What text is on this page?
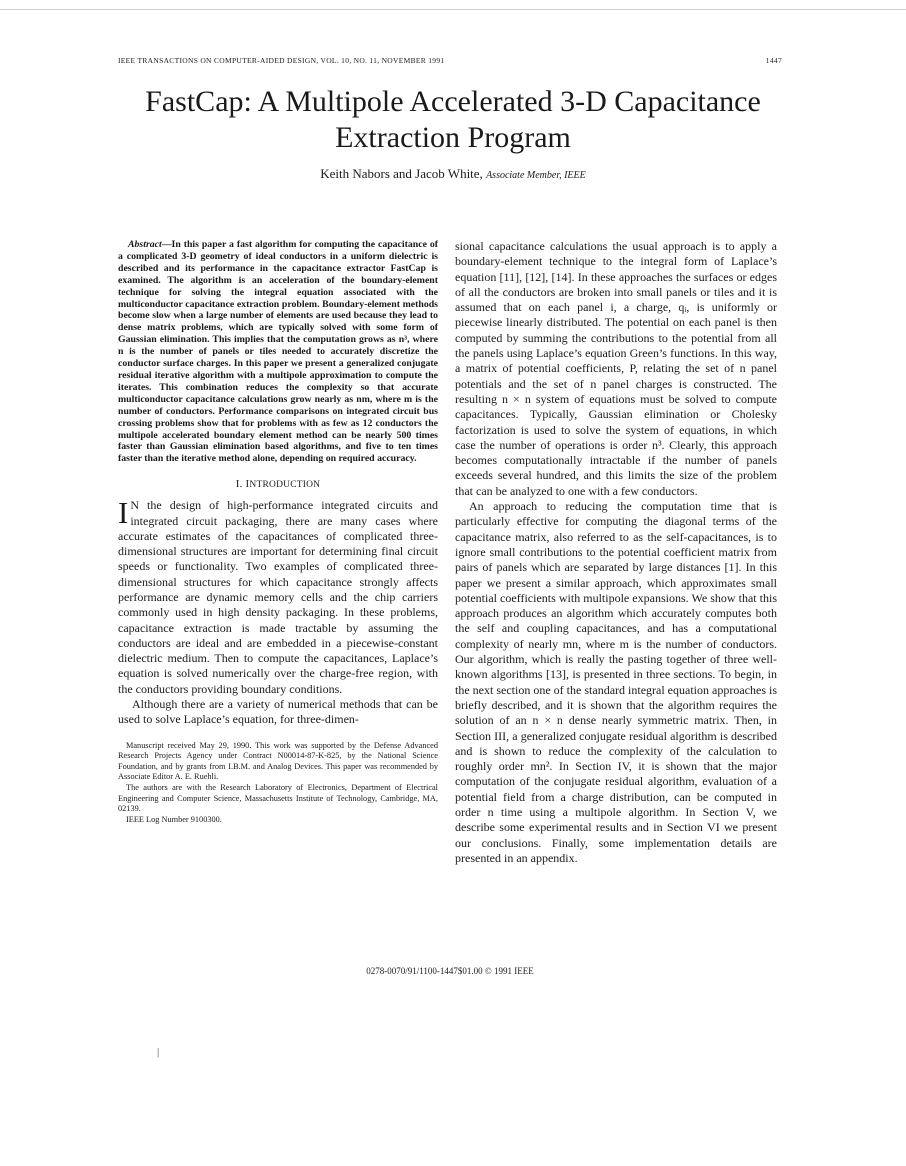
IEEE TRANSACTIONS ON COMPUTER-AIDED DESIGN, VOL. 10, NO. 11, NOVEMBER 1991	1447
FastCap: A Multipole Accelerated 3-D Capacitance
Extraction Program
Keith Nabors and Jacob White, Associate Member, IEEE

Abstract—In this paper a fast algorithm for computing the capacitance of a complicated 3-D geometry of ideal conductors in a uniform dielectric is described and its performance in the capacitance extractor FastCap is examined. The algorithm is an acceleration of the boundary-element technique for solving the integral equation associated with the multiconductor capacitance extraction problem. Boundary-element methods become slow when a large number of elements are used because they lead to dense matrix problems, which are typically solved with some form of Gaussian elimination. This implies that the computation grows as n³, where n is the number of panels or tiles needed to accurately discretize the conductor surface charges. In this paper we present a generalized conjugate residual iterative algorithm with a multipole approximation to compute the iterates. This combination reduces the complexity so that accurate multiconductor capacitance calculations grow nearly as nm, where m is the number of conductors. Performance comparisons on integrated circuit bus crossing problems show that for problems with as few as 12 conductors the multipole accelerated boundary element method can be nearly 500 times faster than Gaussian elimination based algorithms, and five to ten times faster than the iterative method alone, depending on required accuracy.

I. INTRODUCTION

I N the design of high-performance integrated circuits and integrated circuit packaging, there are many cases where accurate estimates of the capacitances of complicated three-dimensional structures are important for determining final circuit speeds or functionality. Two examples of complicated three-dimensional structures for which capacitance strongly affects performance are dynamic memory cells and the chip carriers commonly used in high density packaging. In these problems, capacitance extraction is made tractable by assuming the conductors are ideal and are embedded in a piecewise-constant dielectric medium. Then to compute the capacitances, Laplace’s equation is solved numerically over the charge-free region, with the conductors providing boundary conditions.

Although there are a variety of numerical methods that can be used to solve Laplace’s equation, for three-dimen-

Manuscript received May 29, 1990. This work was supported by the Defense Advanced Research Projects Agency under Contract N00014-87-K-825, by the National Science Foundation, and by grants from I.B.M. and Analog Devices. This paper was recommended by Associate Editor A. E. Ruehli.

The authors are with the Research Laboratory of Electronics, Department of Electrical Engineering and Computer Science, Massachusetts Institute of Technology, Cambridge, MA, 02139.

IEEE Log Number 9100300.

sional capacitance calculations the usual approach is to apply a boundary-element technique to the integral form of Laplace’s equation [11], [12], [14]. In these approaches the surfaces or edges of all the conductors are broken into small panels or tiles and it is assumed that on each panel i, a charge, qᵢ, is uniformly or piecewise linearly distributed. The potential on each panel is then computed by summing the contributions to the potential from all the panels using Laplace’s equation Green’s functions. In this way, a matrix of potential coefficients, P, relating the set of n panel potentials and the set of n panel charges is constructed. The resulting n × n system of equations must be solved to compute capacitances. Typically, Gaussian elimination or Cholesky factorization is used to solve the system of equations, in which case the number of operations is order n³. Clearly, this approach becomes computationally intractable if the number of panels exceeds several hundred, and this limits the size of the problem that can be analyzed to one with a few conductors.

An approach to reducing the computation time that is particularly effective for computing the diagonal terms of the capacitance matrix, also referred to as the self-capacitances, is to ignore small contributions to the potential coefficient matrix from pairs of panels which are separated by large distances [1]. In this paper we present a similar approach, which approximates small potential coefficients with multipole expansions. We show that this approach produces an algorithm which accurately computes both the self and coupling capacitances, and has a computational complexity of nearly mn, where m is the number of conductors. Our algorithm, which is really the pasting together of three well-known algorithms [13], is presented in three sections. To begin, in the next section one of the standard integral equation approaches is briefly described, and it is shown that the algorithm requires the solution of an n × n dense nearly symmetric matrix. Then, in Section III, a generalized conjugate residual algorithm is described and is shown to reduce the complexity of the calculation to roughly order mn². In Section IV, it is shown that the major computation of the conjugate residual algorithm, evaluation of a potential field from a charge distribution, can be computed in order n time using a multipole algorithm. In Section V, we describe some experimental results and in Section VI we present our conclusions. Finally, some implementation details are presented in an appendix.

0278-0070/91/1100-1447$01.00 © 1991 IEEE
|
